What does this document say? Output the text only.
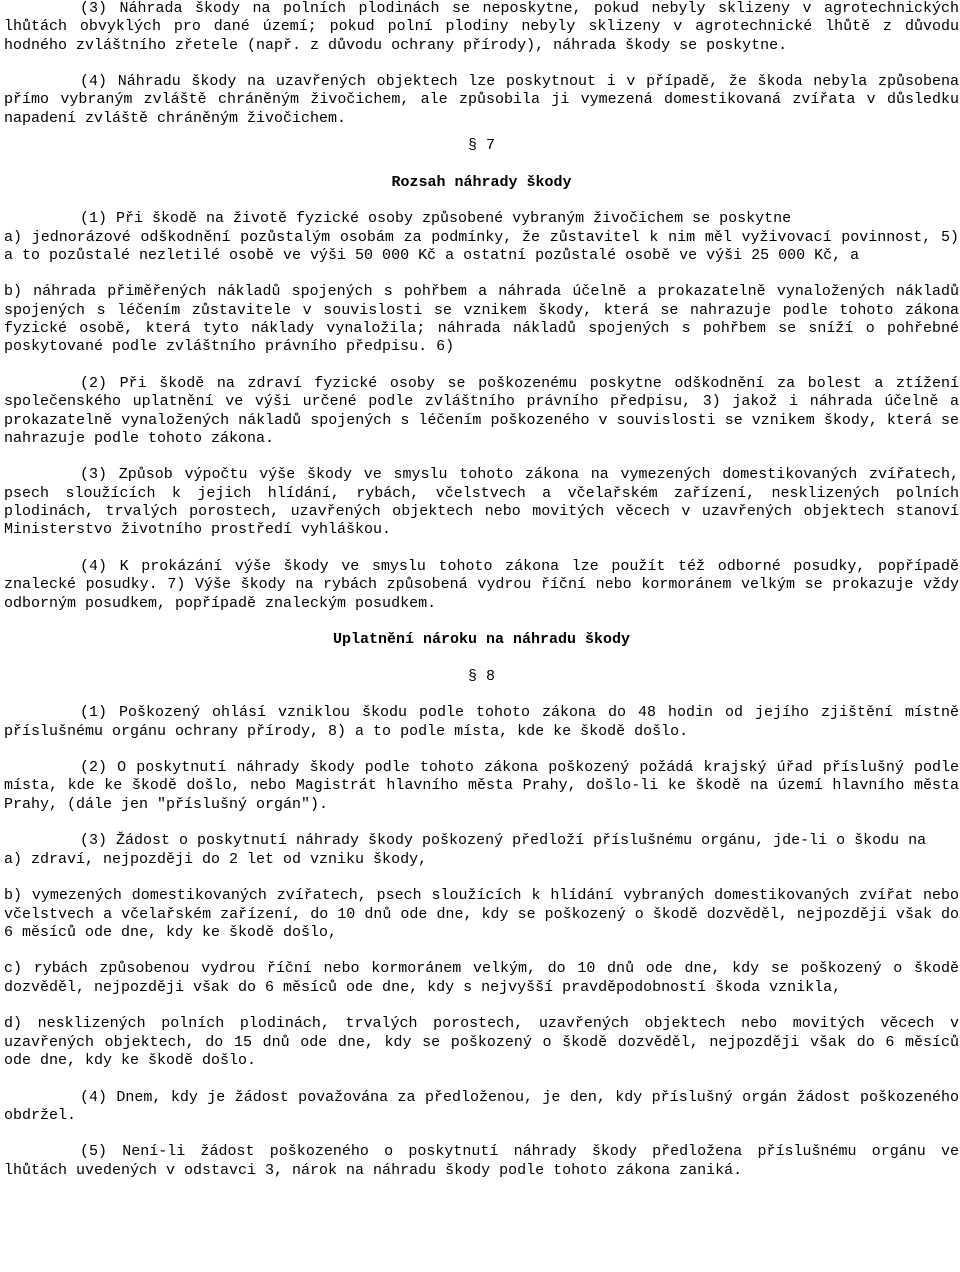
(3) Náhrada škody na polních plodinách se neposkytne, pokud nebyly sklizeny v agrotechnických lhůtách obvyklých pro dané území; pokud polní plodiny nebyly sklizeny v agrotechnické lhůtě z důvodu hodného zvláštního zřetele (např. z důvodu ochrany přírody), náhrada škody se poskytne.

(4) Náhradu škody na uzavřených objektech lze poskytnout i v případě, že škoda nebyla způsobena přímo vybraným zvláště chráněným živočichem, ale způsobila ji vymezená domestikovaná zvířata v důsledku napadení zvláště chráněným živočichem.

§ 7

Rozsah náhrady škody

(1) Při škodě na životě fyzické osoby způsobené vybraným živočichem se poskytne

a) jednorázové odškodnění pozůstalým osobám za podmínky, že zůstavitel k nim měl vyživovací povinnost, 5) a to pozůstalé nezletilé osobě ve výši 50 000 Kč a ostatní pozůstalé osobě ve výši 25 000 Kč, a

b) náhrada přiměřených nákladů spojených s pohřbem a náhrada účelně a prokazatelně vynaložených nákladů spojených s léčením zůstavitele v souvislosti se vznikem škody, která se nahrazuje podle tohoto zákona fyzické osobě, která tyto náklady vynaložila; náhrada nákladů spojených s pohřbem se sníží o pohřebné poskytované podle zvláštního právního předpisu. 6)

(2) Při škodě na zdraví fyzické osoby se poškozenému poskytne odškodnění za bolest a ztížení společenského uplatnění ve výši určené podle zvláštního právního předpisu, 3) jakož i náhrada účelně a prokazatelně vynaložených nákladů spojených s léčením poškozeného v souvislosti se vznikem škody, která se nahrazuje podle tohoto zákona.

(3) Způsob výpočtu výše škody ve smyslu tohoto zákona na vymezených domestikovaných zvířatech, psech sloužících k jejich hlídání, rybách, včelstvech a včelařském zařízení, nesklizených polních plodinách, trvalých porostech, uzavřených objektech nebo movitých věcech v uzavřených objektech stanoví Ministerstvo životního prostředí vyhláškou.

(4) K prokázání výše škody ve smyslu tohoto zákona lze použít též odborné posudky, popřípadě znalecké posudky. 7) Výše škody na rybách způsobená vydrou říční nebo kormoránem velkým se prokazuje vždy odborným posudkem, popřípadě znaleckým posudkem.

Uplatnění nároku na náhradu škody

§ 8

(1) Poškozený ohlásí vzniklou škodu podle tohoto zákona do 48 hodin od jejího zjištění místně příslušnému orgánu ochrany přírody, 8) a to podle místa, kde ke škodě došlo.

(2) O poskytnutí náhrady škody podle tohoto zákona poškozený požádá krajský úřad příslušný podle místa, kde ke škodě došlo, nebo Magistrát hlavního města Prahy, došlo-li ke škodě na území hlavního města Prahy, (dále jen "příslušný orgán").

(3) Žádost o poskytnutí náhrady škody poškozený předloží příslušnému orgánu, jde-li o škodu na

a) zdraví, nejpozději do 2 let od vzniku škody,

b) vymezených domestikovaných zvířatech, psech sloužících k hlídání vybraných domestikovaných zvířat nebo včelstvech a včelařském zařízení, do 10 dnů ode dne, kdy se poškozený o škodě dozvěděl, nejpozději však do 6 měsíců ode dne, kdy ke škodě došlo,

c) rybách způsobenou vydrou říční nebo kormoránem velkým, do 10 dnů ode dne, kdy se poškozený o škodě dozvěděl, nejpozději však do 6 měsíců ode dne, kdy s nejvyšší pravděpodobností škoda vznikla,

d) nesklizených polních plodinách, trvalých porostech, uzavřených objektech nebo movitých věcech v uzavřených objektech, do 15 dnů ode dne, kdy se poškozený o škodě dozvěděl, nejpozději však do 6 měsíců ode dne, kdy ke škodě došlo.

(4) Dnem, kdy je žádost považována za předloženou, je den, kdy příslušný orgán žádost poškozeného obdržel.

(5) Není-li žádost poškozeného o poskytnutí náhrady škody předložena příslušnému orgánu ve lhůtách uvedených v odstavci 3, nárok na náhradu škody podle tohoto zákona zaniká.
